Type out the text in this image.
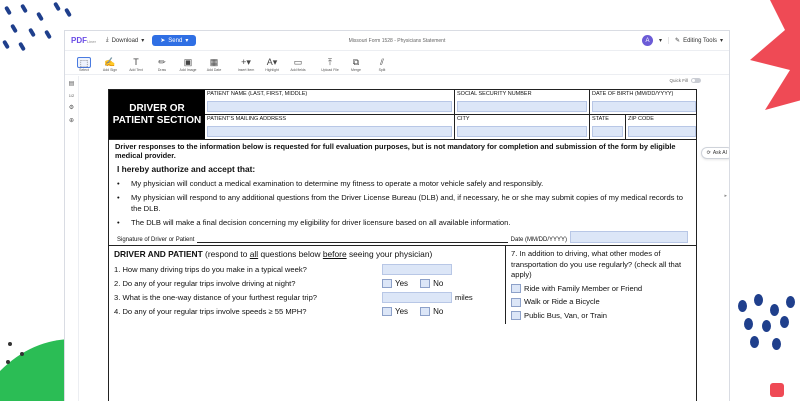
PDFLiner ⤓ Download ▾	➤ Send ▾	Missouri Form 1528 - Physicians Statement	A	▾ ✎ Editing Tools ▾
⬚
Select
✍
Add Sign
T
Add Text
✏
Draw
▣
Add Image
▦
Add Date
+▾
Insert Item
A▾
Highlight
▭
Add fields
⤒
Upload File
⧉
Merge
⫽
Split
▤
1/2
⚙
⊕
Quick Fill
⟳ Ask AI
▸
DRIVER OR PATIENT SECTION
PATIENT NAME (LAST, FIRST, MIDDLE)	SOCIAL SECURITY NUMBER	DATE OF BIRTH (MM/DD/YYYY)
PATIENT'S MAILING ADDRESS	CITY	STATE	ZIP CODE
Driver responses to the information below is requested for full evaluation purposes, but is not mandatory for completion and submission of the form by eligible medical provider.
I hereby authorize and accept that:
•	My physician will conduct a medical examination to determine my fitness to operate a motor vehicle safely and responsibly.
•	My physician will respond to any additional questions from the Driver License Bureau (DLB) and, if necessary, he or she may submit copies of my medical records to the DLB.
•	The DLB will make a final decision concerning my eligibility for driver licensure based on all available information.
Signature of Driver or Patient	Date (MM/DD/YYYY)
DRIVER AND PATIENT (respond to all questions below before seeing your physician)
1. How many driving trips do you make in a typical week?
2. Do any of your regular trips involve driving at night?	Yes	No
3. What is the one-way distance of your furthest regular trip?	miles
4. Do any of your regular trips involve speeds ≥ 55 MPH?	Yes	No
7. In addition to driving, what other modes of transportation do you use regularly? (check all that apply)
Ride with Family Member or Friend
Walk or Ride a Bicycle
Public Bus, Van, or Train
